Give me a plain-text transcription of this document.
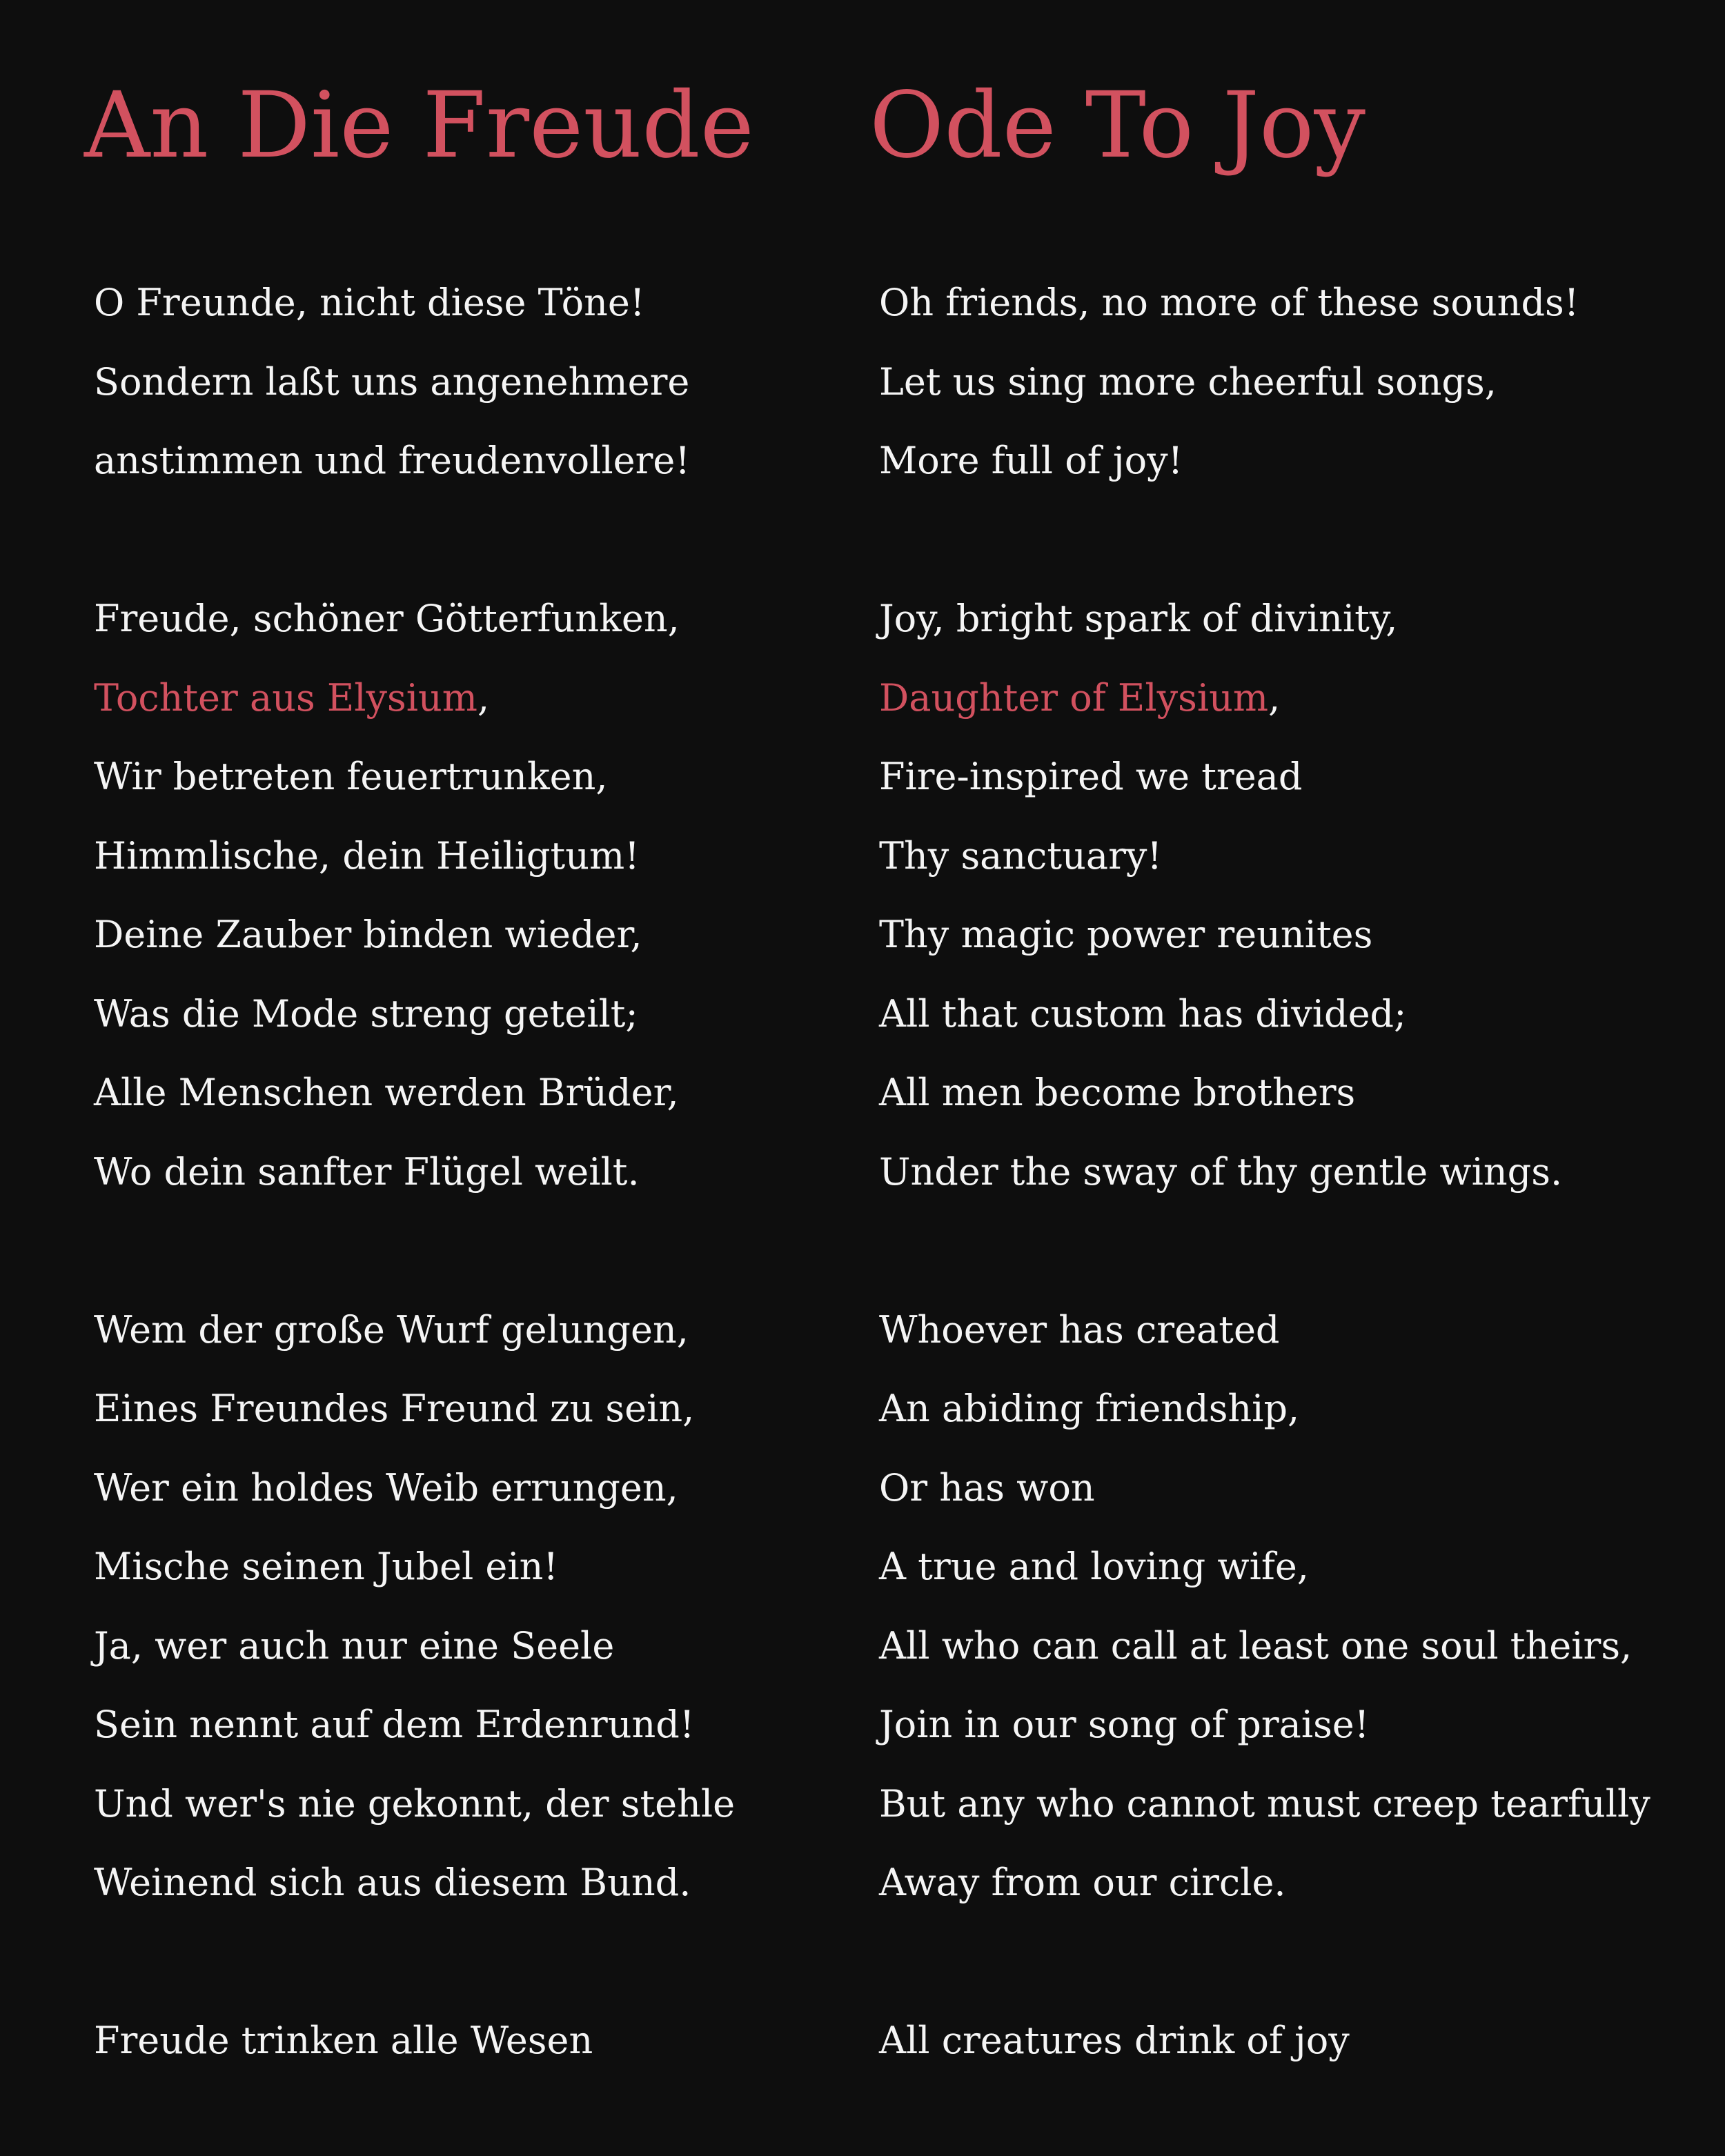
An Die Freude
O Freunde, nicht diese Töne!
Sondern laßt uns angenehmere
anstimmen und freudenvollere!
Freude, schöner Götterfunken,
Tochter aus Elysium,
Wir betreten feuertrunken,
Himmlische, dein Heiligtum!
Deine Zauber binden wieder,
Was die Mode streng geteilt;
Alle Menschen werden Brüder,
Wo dein sanfter Flügel weilt.
Wem der große Wurf gelungen,
Eines Freundes Freund zu sein,
Wer ein holdes Weib errungen,
Mische seinen Jubel ein!
Ja, wer auch nur eine Seele
Sein nennt auf dem Erdenrund!
Und wer's nie gekonnt, der stehle
Weinend sich aus diesem Bund.
Freude trinken alle Wesen
Ode To Joy
Oh friends, no more of these sounds!
Let us sing more cheerful songs,
More full of joy!
Joy, bright spark of divinity,
Daughter of Elysium,
Fire-inspired we tread
Thy sanctuary!
Thy magic power reunites
All that custom has divided;
All men become brothers
Under the sway of thy gentle wings.
Whoever has created
An abiding friendship,
Or has won
A true and loving wife,
All who can call at least one soul theirs,
Join in our song of praise!
But any who cannot must creep tearfully
Away from our circle.
All creatures drink of joy
